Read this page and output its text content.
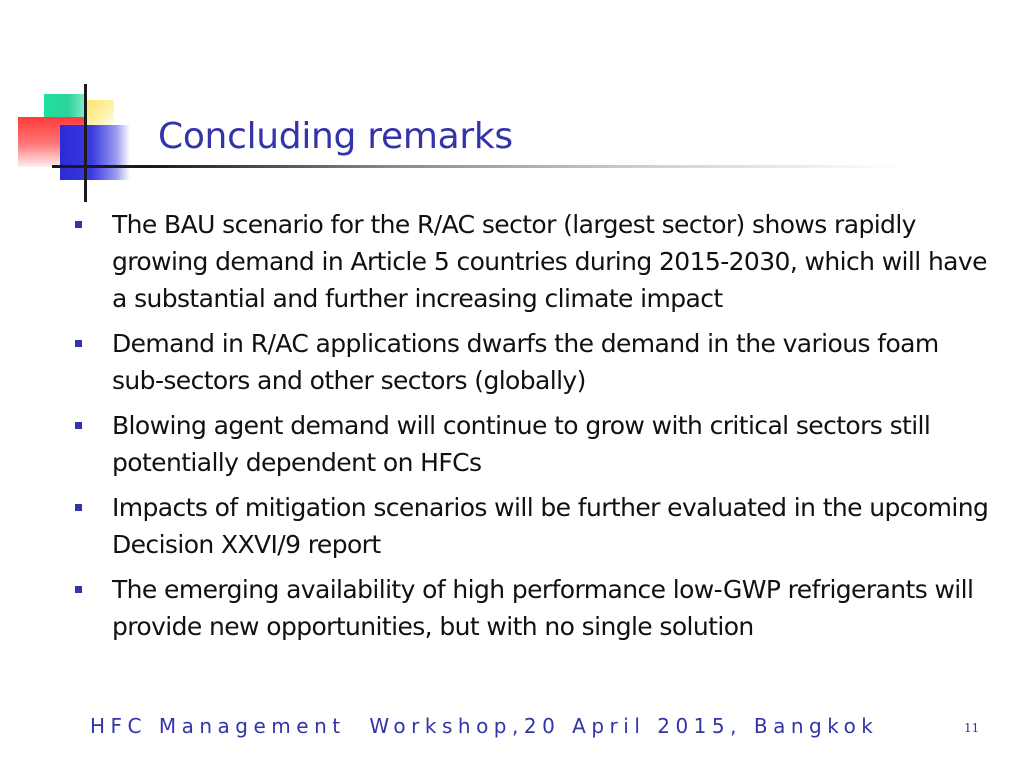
Concluding remarks
The BAU scenario for the R/AC sector (largest sector) shows rapidly growing demand in Article 5 countries during 2015-2030, which will have a substantial and further increasing climate impact
Demand in R/AC applications dwarfs the demand in the various foam sub-sectors and other sectors (globally)
Blowing agent demand will continue to grow with critical sectors still potentially dependent on HFCs
Impacts of mitigation scenarios will be further evaluated in the upcoming Decision XXVI/9 report
The emerging availability of high performance low-GWP refrigerants will provide new opportunities, but with no single solution
HFC Management  Workshop,20 April 2015, Bangkok	11
